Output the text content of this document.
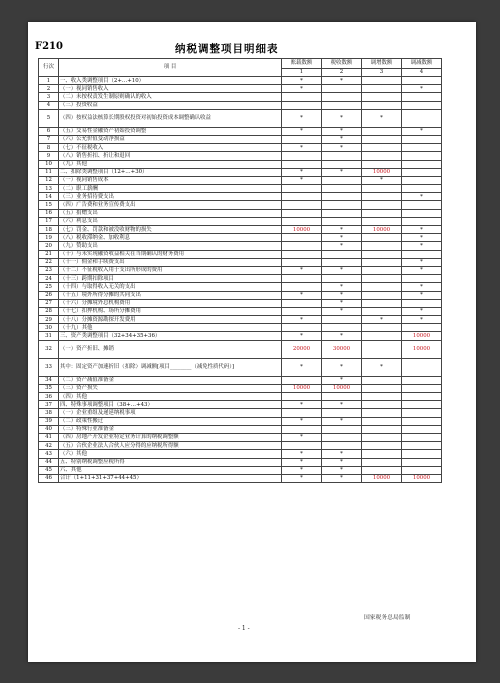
F210	纳税调整项目明细表
行次	项 目	账载数额	税收数额	调增数额	调减数额
		1	2	3	4
1	一、收入类调整项目（2+…+10）	*	*		
2	（一）视同销售收入	*			*
3	（二）未按权责发生制原则确认的收入				
4	（三）投资收益				
5	（四）按权益法核算长期股权投资对初始投资成本调整确认收益	*	*	*	
6	（五）交易性金融资产初始投资调整	*	*		*
7	（六）公允价值变动净损益		*		
8	（七）不征税收入	*	*		
9	（八）销售折扣、折让和退回				
10	（九）其他				
11	二、扣除类调整项目（12+…+30）	*	*	10000	
12	（一）视同销售成本	*		*	
13	（二）职工薪酬				
14	（三）业务招待费支出				*
15	（四）广告费和业务宣传费支出				
16	（五）捐赠支出				
17	（六）利息支出				
18	（七）罚金、罚款和被没收财物的损失	10000	*	10000	*
19	（八）税收滞纳金、加收利息		*		*
20	（九）赞助支出		*		*
21	（十）与未实现融资收益相关在当期确认的财务费用				
22	（十一）佣金和手续费支出				*
23	（十二）不征税收入用于支出所形成的费用	*	*		*
24	（十三）跨期扣除项目				
25	（十四）与取得收入无关的支出		*		*
26	（十五）境外所得分摊的共同支出	*	*		*
27	（十六）分摊境外总机构费用		*		
28	（十七）扣押机构、场所分摊费用		*		*
29	（十八）分摊资源勘探开发费用	*		*	*
30	（十九）其他				
31	三、资产类调整项目（32+34+35+36）	*	*		10000
32	（一）资产折旧、摊销	20000	30000		10000
33	其中：固定资产加速折旧（扣除）调减额[项目________（减免性质代码）]	*	*	*	
34	（二）资产减值准备金		*		
35	（三）资产损失	10000	10000		
36	（四）其他				
37	四、特殊事项调整项目（38+…+43）	*	*		
38	（一）企业重组及递延纳税事项				
39	（二）政策性搬迁	*	*		
40	（三）特殊行业准备金				
41	（四）房地产开发企业特定业务计算的纳税调整额	*			
42	（五）合伙企业法人合伙人应分得的应纳税所得额				
43	（六）其他	*	*		
44	五、特别纳税调整应税所得	*	*		
45	六、其他	*	*		
46	合计（1+11+31+37+44+45）	*	*	10000	10000
国家税务总局监制
- 1 -
